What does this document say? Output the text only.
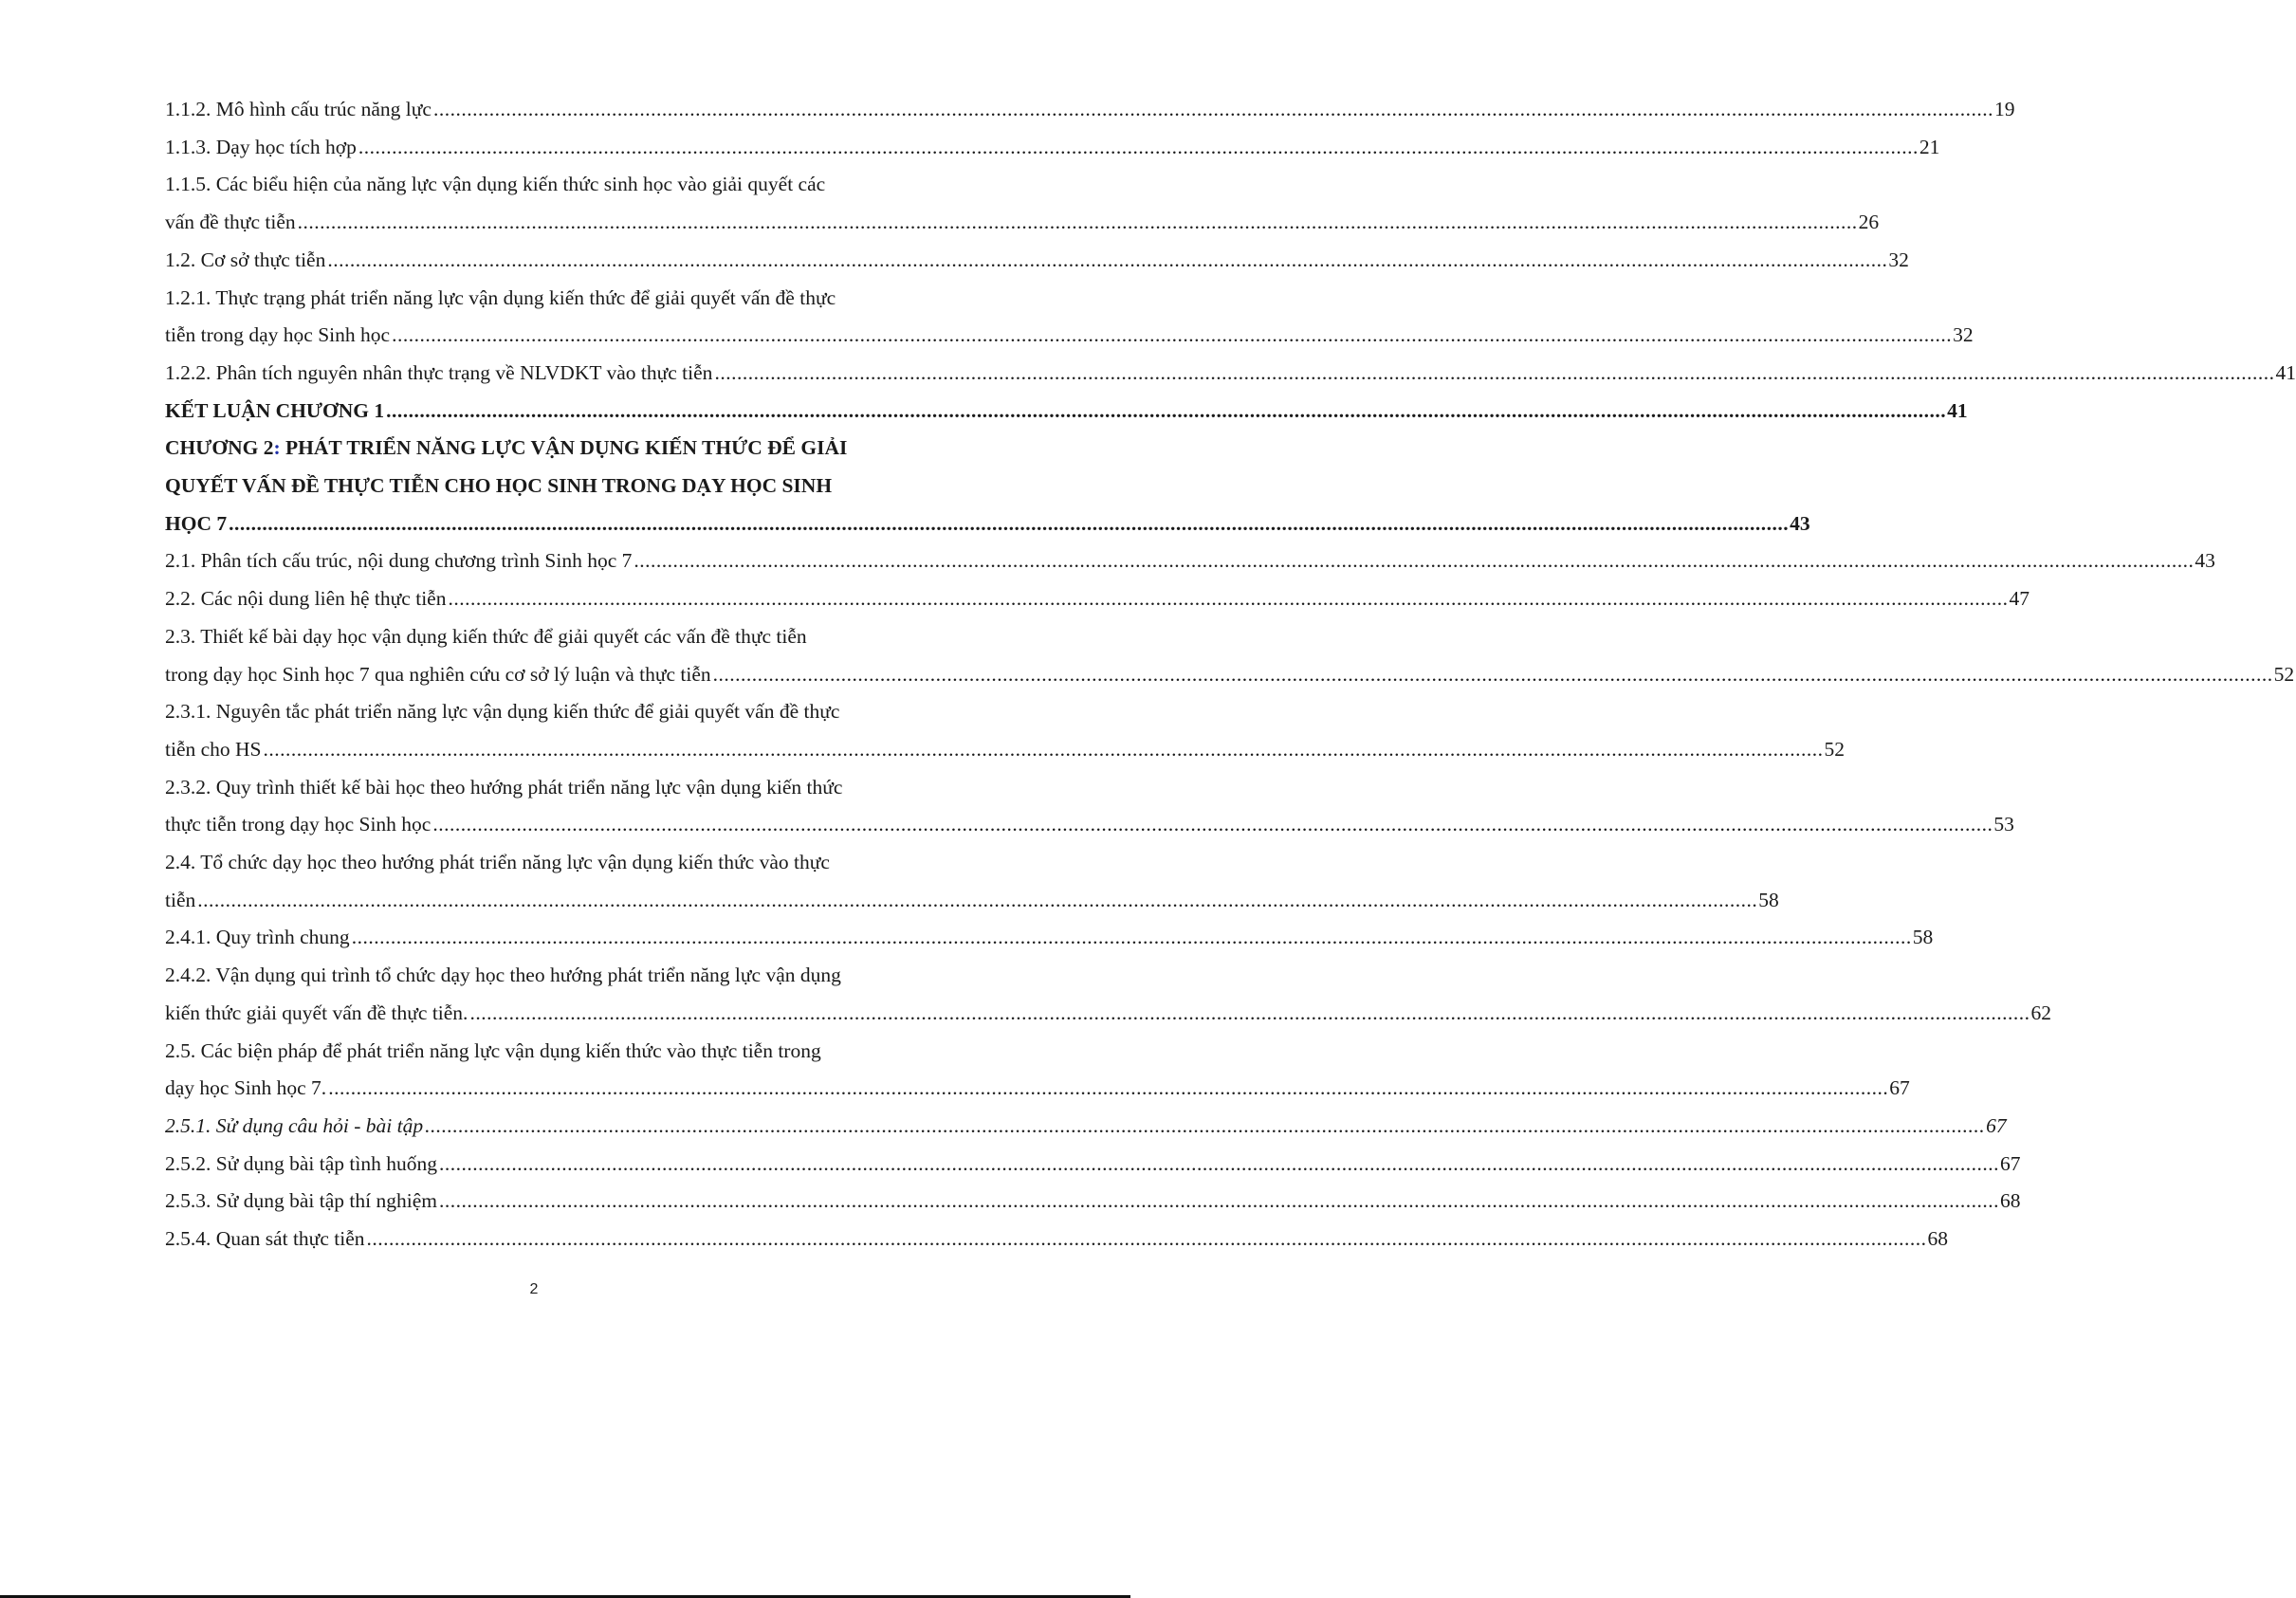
1.1.2. Mô hình cấu trúc năng lực .....	19
1.1.3. Dạy học tích hợp .....	21
1.1.5. Các biểu hiện của năng lực vận dụng kiến thức sinh học vào giải quyết các
vấn đề thực tiễn .....	26
1.2. Cơ sở thực tiễn .....	32
1.2.1. Thực trạng phát triển năng lực vận dụng kiến thức để giải quyết vấn đề thực
tiễn trong dạy học Sinh học .....	32
1.2.2. Phân tích nguyên nhân thực trạng về NLVDKT vào thực tiễn .....	41
KẾT LUẬN CHƯƠNG 1 .....	41
CHƯƠNG 2: PHÁT TRIỂN NĂNG LỰC VẬN DỤNG KIẾN THỨC ĐỂ GIẢI
QUYẾT VẤN ĐỀ THỰC TIỄN CHO HỌC SINH TRONG DẠY HỌC SINH
HỌC 7 .....	43
2.1. Phân tích cấu trúc, nội dung chương trình Sinh học 7 .....	43
2.2. Các nội dung liên hệ thực tiễn .....	47
2.3. Thiết kế bài dạy học vận dụng kiến thức để giải quyết các vấn đề thực tiễn
trong dạy học Sinh học 7 qua nghiên cứu cơ sở lý luận và thực tiễn .....	52
2.3.1. Nguyên tắc phát triển năng lực vận dụng kiến thức để giải quyết vấn đề thực
tiễn cho HS .....	52
2.3.2. Quy trình thiết kế bài học theo hướng phát triển năng lực vận dụng kiến thức
thực tiễn trong dạy học Sinh học .....	53
2.4. Tổ chức dạy học theo hướng phát triển năng lực vận dụng kiến thức vào thực
tiễn .....	58
2.4.1. Quy trình chung .....	58
2.4.2. Vận dụng qui trình tổ chức dạy học theo hướng phát triển năng lực vận dụng
kiến thức giải quyết vấn đề thực tiễn. .....	62
2.5. Các biện pháp để phát triển năng lực vận dụng kiến thức vào thực tiễn trong
dạy học Sinh học 7. .....	67
2.5.1. Sử dụng câu hỏi - bài tập .....	67
2.5.2. Sử dụng bài tập tình huống .....	67
2.5.3. Sử dụng bài tập thí nghiệm .....	68
2.5.4. Quan sát thực tiễn .....	68
2
